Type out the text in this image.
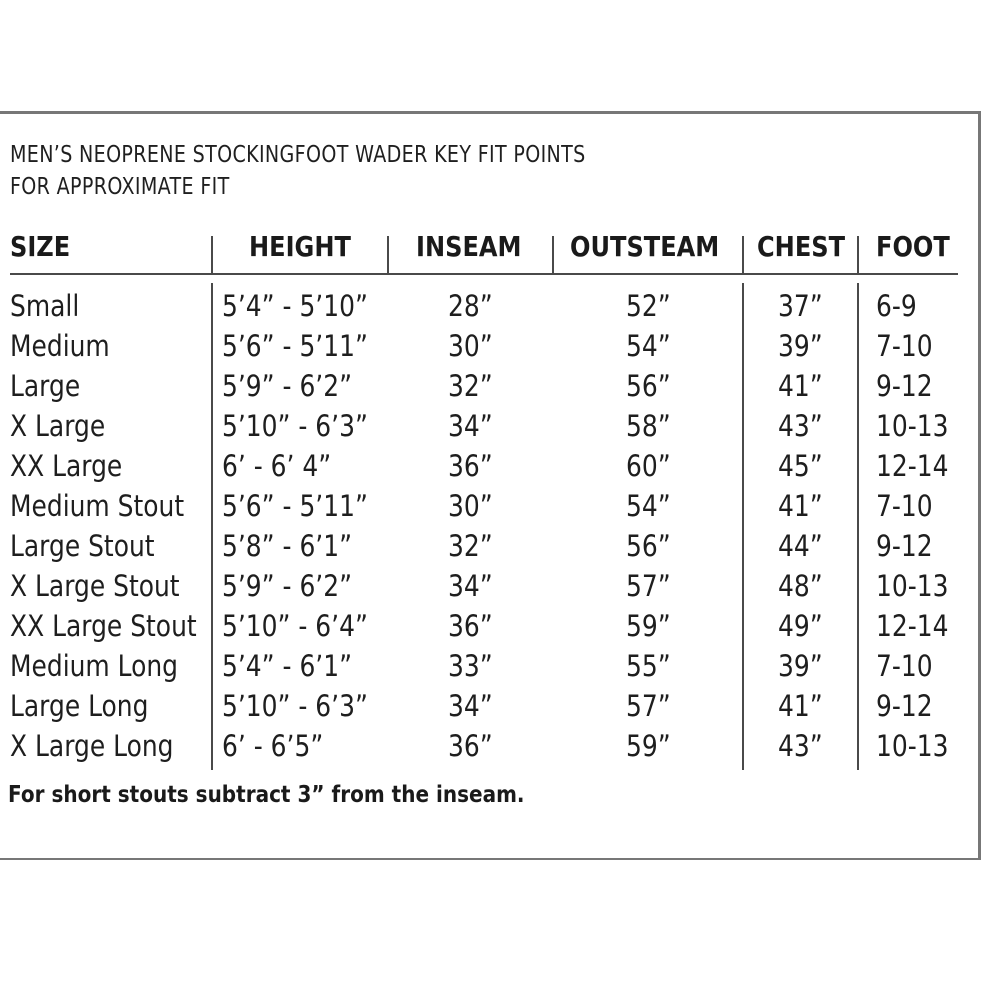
MEN’S NEOPRENE STOCKINGFOOT WADER KEY FIT POINTS
FOR APPROXIMATE FIT
SIZE	HEIGHT INSEAM OUTSTEAM CHEST FOOT
Small	5’4” - 5’10”	28”	52”	37” 6-9
Medium	5’6” - 5’11”	30”	54”	39” 7-10
Large	5’9” - 6’2”	32”	56”	41” 9-12
X Large	5’10” - 6’3”	34”	58”	43” 10-13
XX Large	6’ - 6’ 4”	36”	60”	45” 12-14
Medium Stout 5’6” - 5’11”	30”	54”	41” 7-10
Large Stout 5’8” - 6’1”	32”	56”	44” 9-12
X Large Stout 5’9” - 6’2”	34”	57”	48” 10-13
XX Large Stout 5’10” - 6’4”	36”	59”	49” 12-14
Medium Long 5’4” - 6’1”	33”	55”	39” 7-10
Large Long	5’10” - 6’3”	34”	57”	41” 9-12
X Large Long 6’ - 6’5”	36”	59”	43” 10-13
For short stouts subtract 3” from the inseam.
